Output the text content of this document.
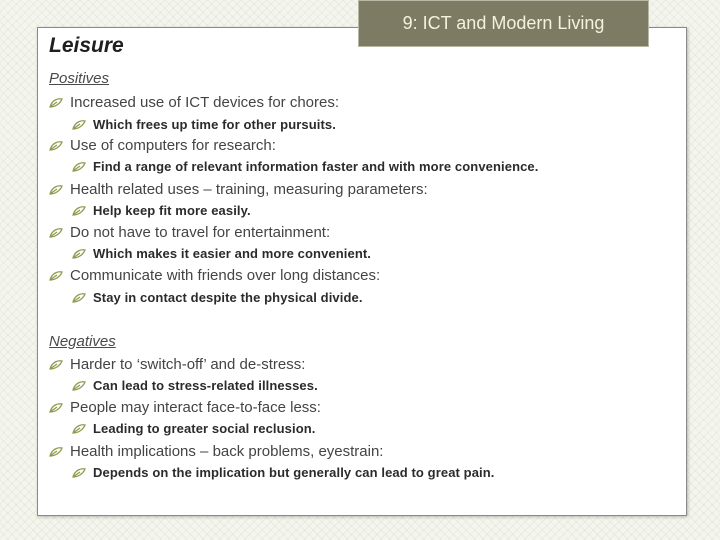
9: ICT and Modern Living
Leisure
Positives
Increased use of ICT devices for chores:
Which frees up time for other pursuits.
Use of computers for research:
Find a range of relevant information faster and with more convenience.
Health related uses – training, measuring parameters:
Help keep fit more easily.
Do not have to travel for entertainment:
Which makes it easier and more convenient.
Communicate with friends over long distances:
Stay in contact despite the physical divide.
Negatives
Harder to ‘switch-off’ and de-stress:
Can lead to stress-related illnesses.
People may interact face-to-face less:
Leading to greater social reclusion.
Health implications – back problems, eyestrain:
Depends on the implication but generally can lead to great pain.
